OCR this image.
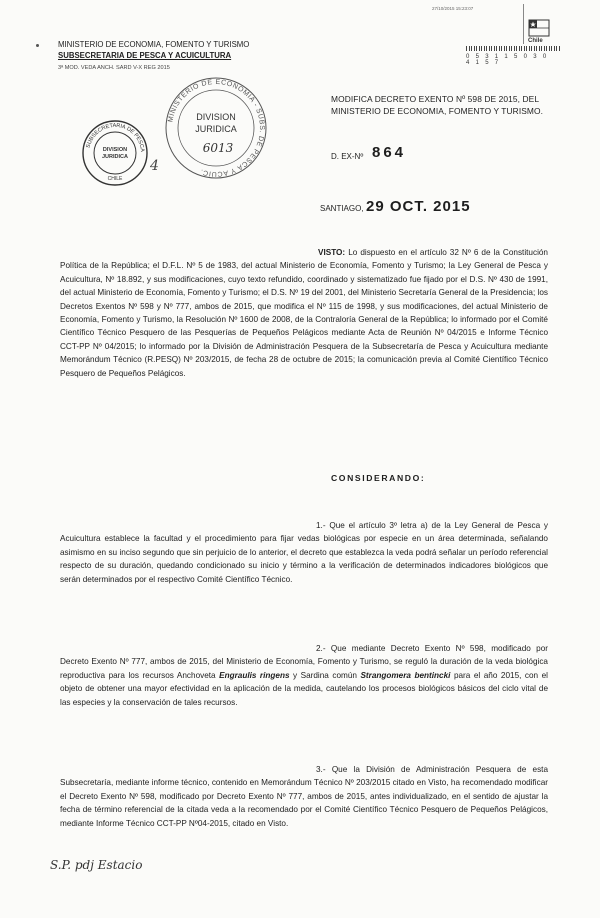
MINISTERIO DE ECONOMIA, FOMENTO Y TURISMO
SUBSECRETARIA DE PESCA Y ACUICULTURA
3ª MOD. VEDA ANCH. SARD V-X REG 2015
27/10/2015 15:23:07
0 5 3 1 1 5 0 3 0 4 1 5 7
Chile
MINISTERIO DE ECONOMIA - SUBS. DE PESCA Y ACUIC.
DIVISION
JURIDICA
6013
SUBSECRETARIA DE PESCA
DIVISION
JURIDICA
CHILE
4
MODIFICA DECRETO EXENTO Nº 598 DE 2015, DEL MINISTERIO DE ECONOMIA, FOMENTO Y TURISMO.
D. EX-Nº 864
SANTIAGO, 29 OCT. 2015
VISTO: Lo dispuesto en el artículo 32 Nº 6 de la Constitución Política de la República; el D.F.L. Nº 5 de 1983, del actual Ministerio de Economía, Fomento y Turismo; la Ley General de Pesca y Acuicultura, Nº 18.892, y sus modificaciones, cuyo texto refundido, coordinado y sistematizado fue fijado por el D.S. Nº 430 de 1991, del actual Ministerio de Economía, Fomento y Turismo; el D.S. Nº 19 del 2001, del Ministerio Secretaría General de la Presidencia; los Decretos Exentos Nº 598 y Nº 777, ambos de 2015, que modifica el Nº 115 de 1998, y sus modificaciones, del actual Ministerio de Economía, Fomento y Turismo, la Resolución Nº 1600 de 2008, de la Contraloría General de la República; lo informado por el Comité Científico Técnico Pesquero de las Pesquerías de Pequeños Pelágicos mediante Acta de Reunión Nº 04/2015 e Informe Técnico CCT-PP Nº 04/2015; lo informado por la División de Administración Pesquera de la Subsecretaría de Pesca y Acuicultura mediante Memorándum Técnico (R.PESQ) Nº 203/2015, de fecha 28 de octubre de 2015; la comunicación previa al Comité Científico Técnico Pesquero de Pequeños Pelágicos.
CONSIDERANDO:
1.- Que el artículo 3º letra a) de la Ley General de Pesca y Acuicultura establece la facultad y el procedimiento para fijar vedas biológicas por especie en un área determinada, señalando asimismo en su inciso segundo que sin perjuicio de lo anterior, el decreto que establezca la veda podrá señalar un período referencial respecto de su duración, quedando condicionado su inicio y término a la verificación de determinados indicadores biológicos que serán determinados por el respectivo Comité Científico Técnico.
2.- Que mediante Decreto Exento Nº 598, modificado por Decreto Exento Nº 777, ambos de 2015, del Ministerio de Economía, Fomento y Turismo, se reguló la duración de la veda biológica reproductiva para los recursos Anchoveta Engraulis ringens y Sardina común Strangomera bentincki para el año 2015, con el objeto de obtener una mayor efectividad en la aplicación de la medida, cautelando los procesos biológicos básicos del ciclo vital de las especies y la conservación de tales recursos.
3.- Que la División de Administración Pesquera de esta Subsecretaría, mediante informe técnico, contenido en Memorándum Técnico Nº 203/2015 citado en Visto, ha recomendado modificar el Decreto Exento Nº 598, modificado por Decreto Exento Nº 777, ambos de 2015, antes individualizado, en el sentido de ajustar la fecha de término referencial de la citada veda a la recomendado por el Comité Científico Técnico Pesquero de Pequeños Pelágicos, mediante Informe Técnico CCT-PP Nº04-2015, citado en Visto.
S.P. pdj Estacio
